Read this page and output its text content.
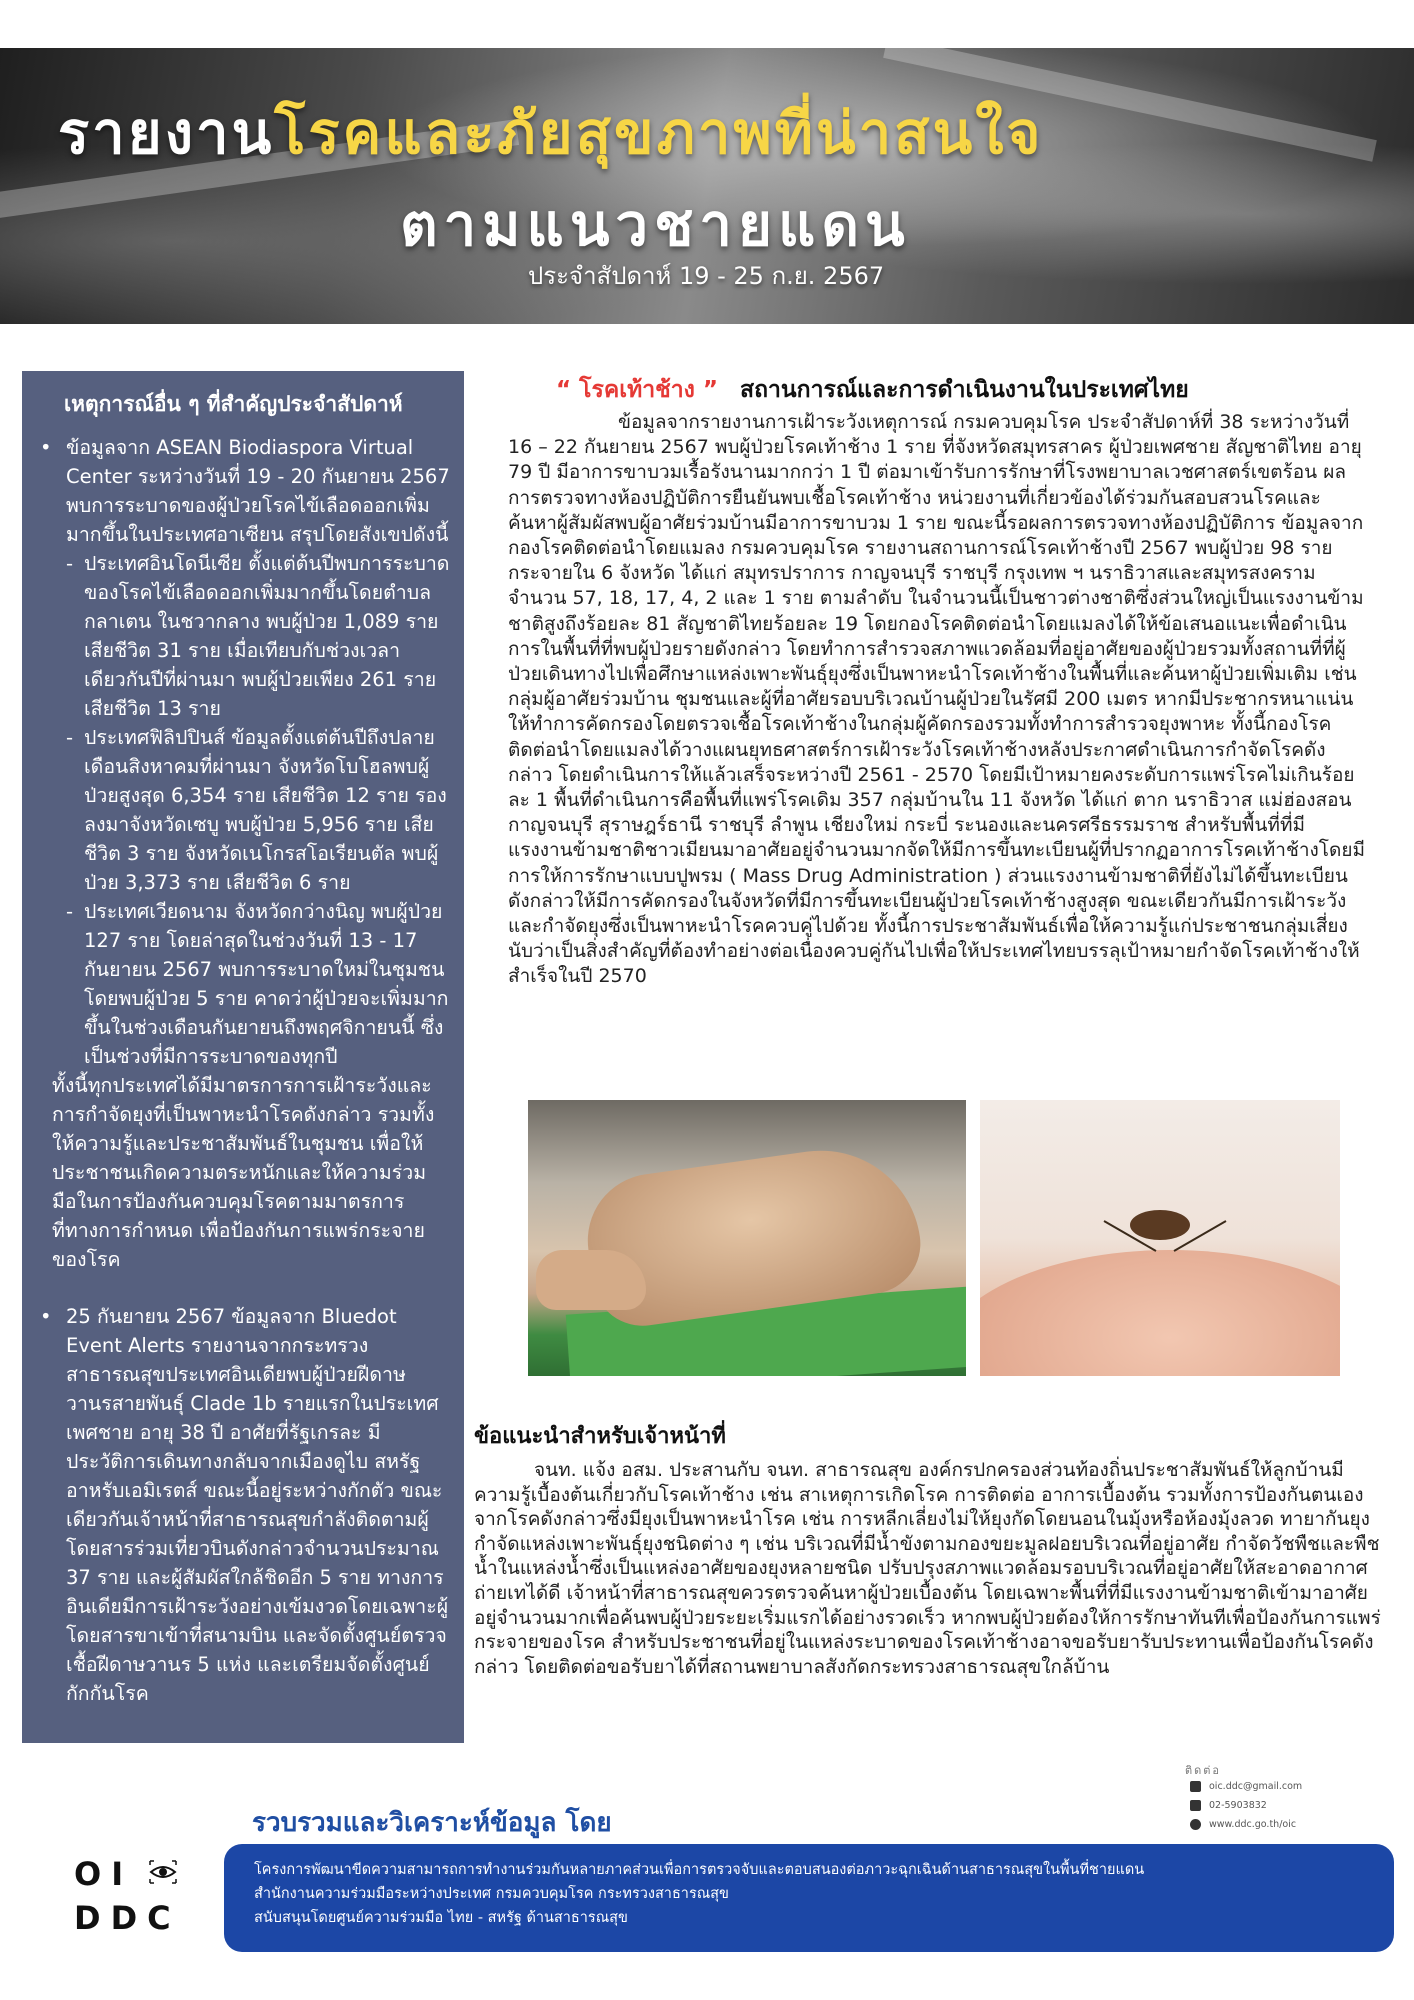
รายงานโรคและภัยสุขภาพที่น่าสนใจ
ตามแนวชายแดน
ประจำสัปดาห์ 19 - 25 ก.ย. 2567
เหตุการณ์อื่น ๆ ที่สำคัญประจำสัปดาห์
• ข้อมูลจาก ASEAN Biodiaspora Virtual Center ระหว่างวันที่ 19 - 20 กันยายน 2567 พบการระบาดของผู้ป่วยโรคไข้เลือดออกเพิ่มมากขึ้นในประเทศอาเซียน สรุปโดยสังเขปดังนี้
- ประเทศอินโดนีเซีย ตั้งแต่ต้นปีพบการระบาดของโรคไข้เลือดออกเพิ่มมากขึ้นโดยตำบลกลาเตน ในชวากลาง พบผู้ป่วย 1,089 ราย เสียชีวิต 31 ราย เมื่อเทียบกับช่วงเวลาเดียวกันปีที่ผ่านมา พบผู้ป่วยเพียง 261 ราย เสียชีวิต 13 ราย
- ประเทศฟิลิปปินส์ ข้อมูลตั้งแต่ต้นปีถึงปลายเดือนสิงหาคมที่ผ่านมา จังหวัดโบโฮลพบผู้ป่วยสูงสุด 6,354 ราย เสียชีวิต 12 ราย รองลงมาจังหวัดเซบู พบผู้ป่วย 5,956 ราย เสียชีวิต 3 ราย จังหวัดเนโกรสโอเรียนตัล พบผู้ป่วย 3,373 ราย เสียชีวิต 6 ราย
- ประเทศเวียดนาม จังหวัดกว่างนิญ พบผู้ป่วย 127 ราย โดยล่าสุดในช่วงวันที่ 13 - 17 กันยายน 2567 พบการระบาดใหม่ในชุมชนโดยพบผู้ป่วย 5 ราย คาดว่าผู้ป่วยจะเพิ่มมากขึ้นในช่วงเดือนกันยายนถึงพฤศจิกายนนี้ ซึ่งเป็นช่วงที่มีการระบาดของทุกปี
ทั้งนี้ทุกประเทศได้มีมาตรการการเฝ้าระวังและการกำจัดยุงที่เป็นพาหะนำโรคดังกล่าว รวมทั้งให้ความรู้และประชาสัมพันธ์ในชุมชน เพื่อให้ประชาชนเกิดความตระหนักและให้ความร่วมมือในการป้องกันควบคุมโรคตามมาตรการที่ทางการกำหนด เพื่อป้องกันการแพร่กระจายของโรค
• 25 กันยายน 2567 ข้อมูลจาก Bluedot Event Alerts รายงานจากกระทรวงสาธารณสุขประเทศอินเดียพบผู้ป่วยฝีดาษวานรสายพันธุ์ Clade 1b รายแรกในประเทศ เพศชาย อายุ 38 ปี อาศัยที่รัฐเกรละ มีประวัติการเดินทางกลับจากเมืองดูไบ สหรัฐอาหรับเอมิเรตส์ ขณะนี้อยู่ระหว่างกักตัว ขณะเดียวกันเจ้าหน้าที่สาธารณสุขกำลังติดตามผู้โดยสารร่วมเที่ยวบินดังกล่าวจำนวนประมาณ 37 ราย และผู้สัมผัสใกล้ชิดอีก 5 ราย ทางการอินเดียมีการเฝ้าระวังอย่างเข้มงวดโดยเฉพาะผู้โดยสารขาเข้าที่สนามบิน และจัดตั้งศูนย์ตรวจเชื้อฝีดาษวานร 5 แห่ง และเตรียมจัดตั้งศูนย์กักกันโรค
“ โรคเท้าช้าง ” สถานการณ์และการดำเนินงานในประเทศไทย
ข้อมูลจากรายงานการเฝ้าระวังเหตุการณ์ กรมควบคุมโรค ประจำสัปดาห์ที่ 38 ระหว่างวันที่ 16 – 22 กันยายน 2567 พบผู้ป่วยโรคเท้าช้าง 1 ราย ที่จังหวัดสมุทรสาคร ผู้ป่วยเพศชาย สัญชาติไทย อายุ 79 ปี มีอาการขาบวมเรื้อรังนานมากกว่า 1 ปี ต่อมาเข้ารับการรักษาที่โรงพยาบาลเวชศาสตร์เขตร้อน ผลการตรวจทางห้องปฏิบัติการยืนยันพบเชื้อโรคเท้าช้าง หน่วยงานที่เกี่ยวข้องได้ร่วมกันสอบสวนโรคและค้นหาผู้สัมผัสพบผู้อาศัยร่วมบ้านมีอาการขาบวม 1 ราย ขณะนี้รอผลการตรวจทางห้องปฏิบัติการ ข้อมูลจากกองโรคติดต่อนำโดยแมลง กรมควบคุมโรค รายงานสถานการณ์โรคเท้าช้างปี 2567 พบผู้ป่วย 98 ราย กระจายใน 6 จังหวัด ได้แก่ สมุทรปราการ กาญจนบุรี ราชบุรี กรุงเทพ ฯ นราธิวาสและสมุทรสงคราม จำนวน 57, 18, 17, 4, 2 และ 1 ราย ตามลำดับ ในจำนวนนี้เป็นชาวต่างชาติซึ่งส่วนใหญ่เป็นแรงงานข้ามชาติสูงถึงร้อยละ 81 สัญชาติไทยร้อยละ 19 โดยกองโรคติดต่อนำโดยแมลงได้ให้ข้อเสนอแนะเพื่อดำเนินการในพื้นที่ที่พบผู้ป่วยรายดังกล่าว โดยทำการสำรวจสภาพแวดล้อมที่อยู่อาศัยของผู้ป่วยรวมทั้งสถานที่ที่ผู้ป่วยเดินทางไปเพื่อศึกษาแหล่งเพาะพันธุ์ยุงซึ่งเป็นพาหะนำโรคเท้าช้างในพื้นที่และค้นหาผู้ป่วยเพิ่มเติม เช่น กลุ่มผู้อาศัยร่วมบ้าน ชุมชนและผู้ที่อาศัยรอบบริเวณบ้านผู้ป่วยในรัศมี 200 เมตร หากมีประชากรหนาแน่นให้ทำการคัดกรองโดยตรวจเชื้อโรคเท้าช้างในกลุ่มผู้คัดกรองรวมทั้งทำการสำรวจยุงพาหะ ทั้งนี้กองโรคติดต่อนำโดยแมลงได้วางแผนยุทธศาสตร์การเฝ้าระวังโรคเท้าช้างหลังประกาศดำเนินการกำจัดโรคดังกล่าว โดยดำเนินการให้แล้วเสร็จระหว่างปี 2561 - 2570 โดยมีเป้าหมายคงระดับการแพร่โรคไม่เกินร้อยละ 1 พื้นที่ดำเนินการคือพื้นที่แพร่โรคเดิม 357 กลุ่มบ้านใน 11 จังหวัด ได้แก่ ตาก นราธิวาส แม่ฮ่องสอน กาญจนบุรี สุราษฎร์ธานี ราชบุรี ลำพูน เชียงใหม่ กระบี่ ระนองและนครศรีธรรมราช สำหรับพื้นที่ที่มีแรงงานข้ามชาติชาวเมียนมาอาศัยอยู่จำนวนมากจัดให้มีการขึ้นทะเบียนผู้ที่ปรากฏอาการโรคเท้าช้างโดยมีการให้การรักษาแบบปูพรม ( Mass Drug Administration ) ส่วนแรงงานข้ามชาติที่ยังไม่ได้ขึ้นทะเบียนดังกล่าวให้มีการคัดกรองในจังหวัดที่มีการขึ้นทะเบียนผู้ป่วยโรคเท้าช้างสูงสุด ขณะเดียวกันมีการเฝ้าระวังและกำจัดยุงซึ่งเป็นพาหะนำโรคควบคู่ไปด้วย ทั้งนี้การประชาสัมพันธ์เพื่อให้ความรู้แก่ประชาชนกลุ่มเสี่ยงนับว่าเป็นสิ่งสำคัญที่ต้องทำอย่างต่อเนื่องควบคู่กันไปเพื่อให้ประเทศไทยบรรลุเป้าหมายกำจัดโรคเท้าช้างให้สำเร็จในปี 2570
ข้อแนะนำสำหรับเจ้าหน้าที่
จนท. แจ้ง อสม. ประสานกับ จนท. สาธารณสุข องค์กรปกครองส่วนท้องถิ่นประชาสัมพันธ์ให้ลูกบ้านมีความรู้เบื้องต้นเกี่ยวกับโรคเท้าช้าง เช่น สาเหตุการเกิดโรค การติดต่อ อาการเบื้องต้น รวมทั้งการป้องกันตนเองจากโรคดังกล่าวซึ่งมียุงเป็นพาหะนำโรค เช่น การหลีกเลี่ยงไม่ให้ยุงกัดโดยนอนในมุ้งหรือห้องมุ้งลวด ทายากันยุง กำจัดแหล่งเพาะพันธุ์ยุงชนิดต่าง ๆ เช่น บริเวณที่มีน้ำขังตามกองขยะมูลฝอยบริเวณที่อยู่อาศัย กำจัดวัชพืชและพืชน้ำในแหล่งน้ำซึ่งเป็นแหล่งอาศัยของยุงหลายชนิด ปรับปรุงสภาพแวดล้อมรอบบริเวณที่อยู่อาศัยให้สะอาดอากาศถ่ายเทได้ดี เจ้าหน้าที่สาธารณสุขควรตรวจค้นหาผู้ป่วยเบื้องต้น โดยเฉพาะพื้นที่ที่มีแรงงานข้ามชาติเข้ามาอาศัยอยู่จำนวนมากเพื่อค้นพบผู้ป่วยระยะเริ่มแรกได้อย่างรวดเร็ว หากพบผู้ป่วยต้องให้การรักษาทันทีเพื่อป้องกันการแพร่กระจายของโรค สำหรับประชาชนที่อยู่ในแหล่งระบาดของโรคเท้าช้างอาจขอรับยารับประทานเพื่อป้องกันโรคดังกล่าว โดยติดต่อขอรับยาได้ที่สถานพยาบาลสังกัดกระทรวงสาธารณสุขใกล้บ้าน
รวบรวมและวิเคราะห์ข้อมูล โดย
ติดต่อ
oic.ddc@gmail.com
02-5903832
www.ddc.go.th/oic
OI
DDC
โครงการพัฒนาขีดความสามารถการทำงานร่วมกันหลายภาคส่วนเพื่อการตรวจจับและตอบสนองต่อภาวะฉุกเฉินด้านสาธารณสุขในพื้นที่ชายแดน
สำนักงานความร่วมมือระหว่างประเทศ กรมควบคุมโรค กระทรวงสาธารณสุข
สนับสนุนโดยศูนย์ความร่วมมือ ไทย - สหรัฐ ด้านสาธารณสุข
